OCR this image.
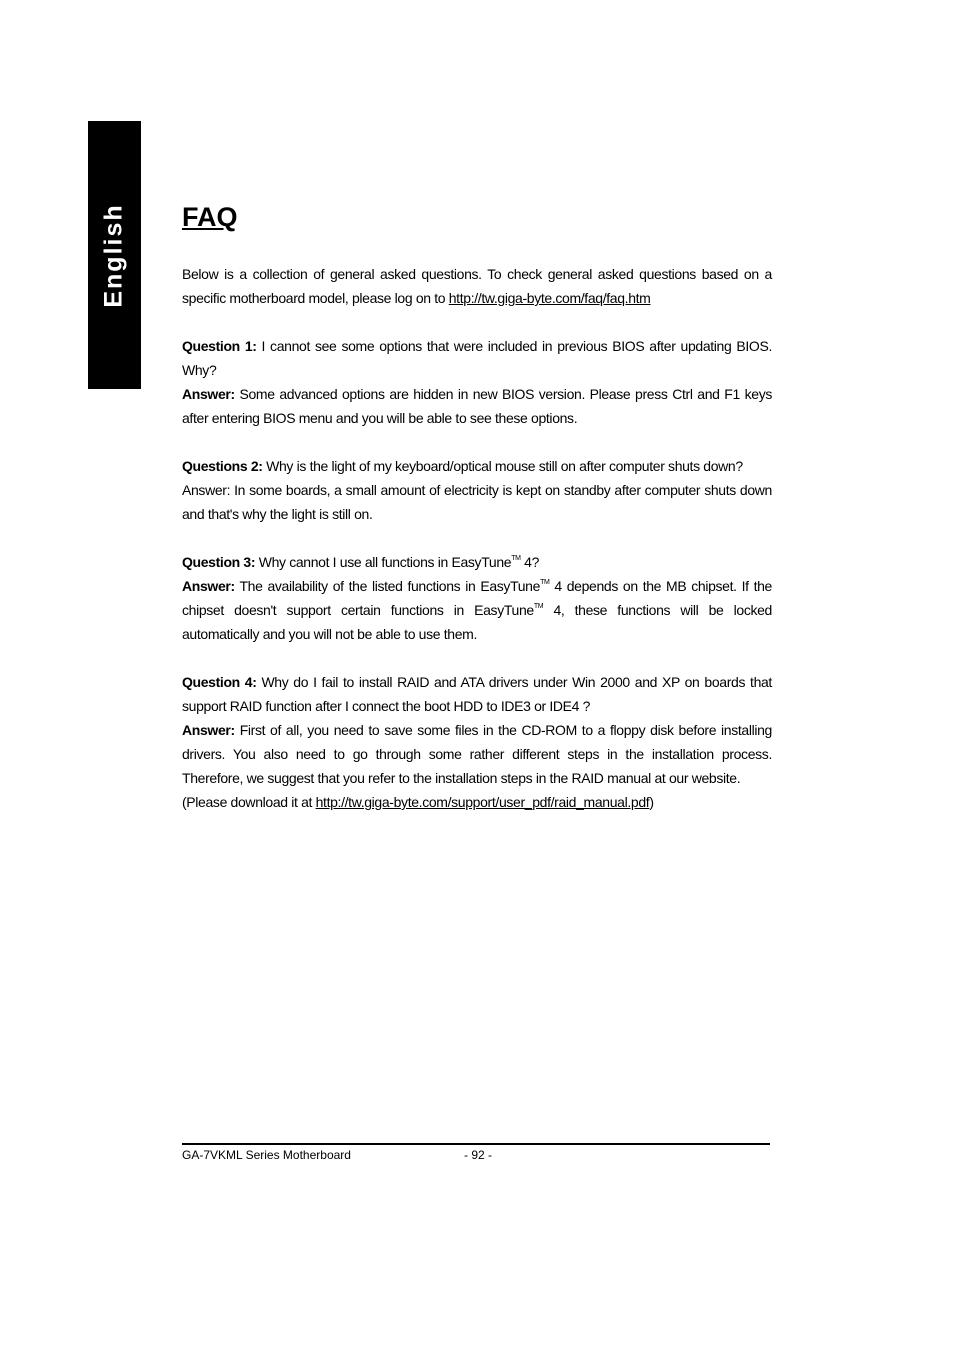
English FAQ

Below is a collection of general asked questions. To check general asked questions based on a specific motherboard model, please log on to http://tw.giga-byte.com/faq/faq.htm

Question 1: I cannot see some options that were included in previous BIOS after updating BIOS. Why?

Answer: Some advanced options are hidden in new BIOS version. Please press Ctrl and F1 keys after entering BIOS menu and you will be able to see these options.

Questions 2: Why is the light of my keyboard/optical mouse still on after computer shuts down?

Answer: In some boards, a small amount of electricity is kept on standby after computer shuts down and that's why the light is still on.

Question 3: Why cannot I use all functions in EasyTune™ 4?

Answer: The availability of the listed functions in EasyTune™ 4 depends on the MB chipset. If the chipset doesn't support certain functions in EasyTune™ 4, these functions will be locked automatically and you will not be able to use them.

Question 4: Why do I fail to install RAID and ATA drivers under Win 2000 and XP on boards that support RAID function after I connect the boot HDD to IDE3 or IDE4 ?

Answer: First of all, you need to save some files in the CD-ROM to a floppy disk before installing drivers. You also need to go through some rather different steps in the installation process. Therefore, we suggest that you refer to the installation steps in the RAID manual at our website.

(Please download it at http://tw.giga-byte.com/support/user_pdf/raid_manual.pdf)

GA-7VKML Series Motherboard	- 92 -
